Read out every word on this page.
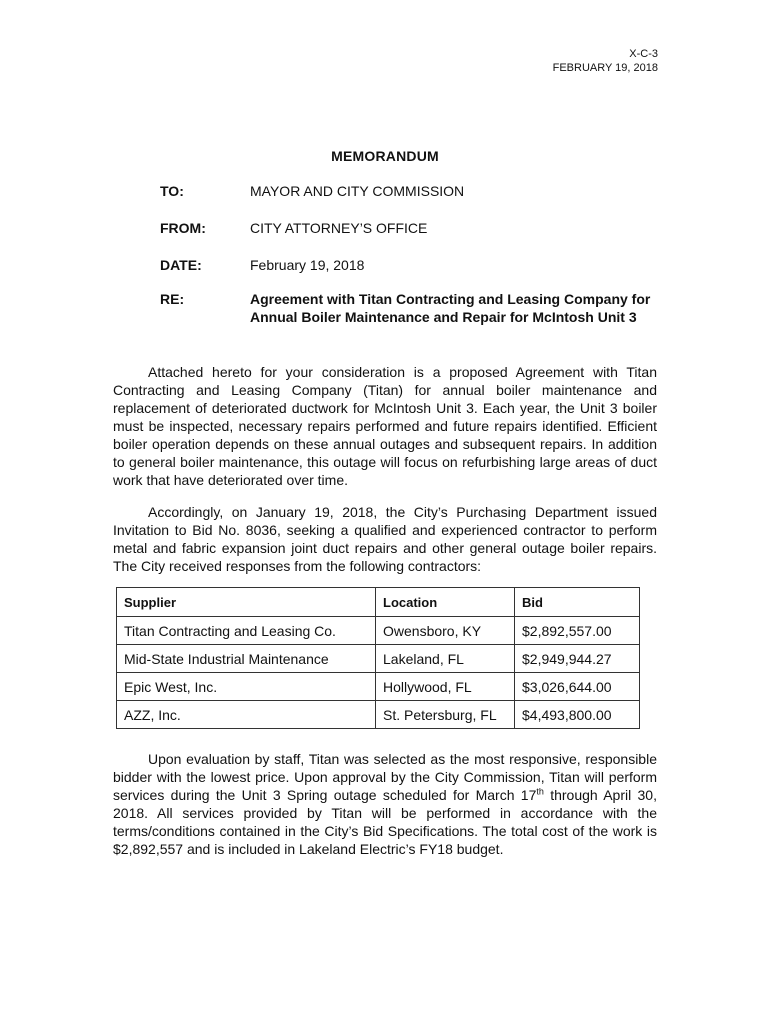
X-C-3
FEBRUARY 19, 2018
MEMORANDUM
TO:	MAYOR AND CITY COMMISSION
FROM:	CITY ATTORNEY’S OFFICE
DATE:	February 19, 2018
RE:	Agreement with Titan Contracting and Leasing Company for Annual Boiler Maintenance and Repair for McIntosh Unit 3

Attached hereto for your consideration is a proposed Agreement with Titan Contracting and Leasing Company (Titan) for annual boiler maintenance and replacement of deteriorated ductwork for McIntosh Unit 3. Each year, the Unit 3 boiler must be inspected, necessary repairs performed and future repairs identified. Efficient boiler operation depends on these annual outages and subsequent repairs. In addition to general boiler maintenance, this outage will focus on refurbishing large areas of duct work that have deteriorated over time.

Accordingly, on January 19, 2018, the City’s Purchasing Department issued Invitation to Bid No. 8036, seeking a qualified and experienced contractor to perform metal and fabric expansion joint duct repairs and other general outage boiler repairs. The City received responses from the following contractors:

Supplier	Location	Bid
Titan Contracting and Leasing Co.	Owensboro, KY	$2,892,557.00
Mid-State Industrial Maintenance	Lakeland, FL	$2,949,944.27
Epic West, Inc.	Hollywood, FL	$3,026,644.00
AZZ, Inc.	St. Petersburg, FL	$4,493,800.00

Upon evaluation by staff, Titan was selected as the most responsive, responsible bidder with the lowest price. Upon approval by the City Commission, Titan will perform services during the Unit 3 Spring outage scheduled for March 17th through April 30, 2018. All services provided by Titan will be performed in accordance with the terms/conditions contained in the City’s Bid Specifications. The total cost of the work is $2,892,557 and is included in Lakeland Electric’s FY18 budget.
